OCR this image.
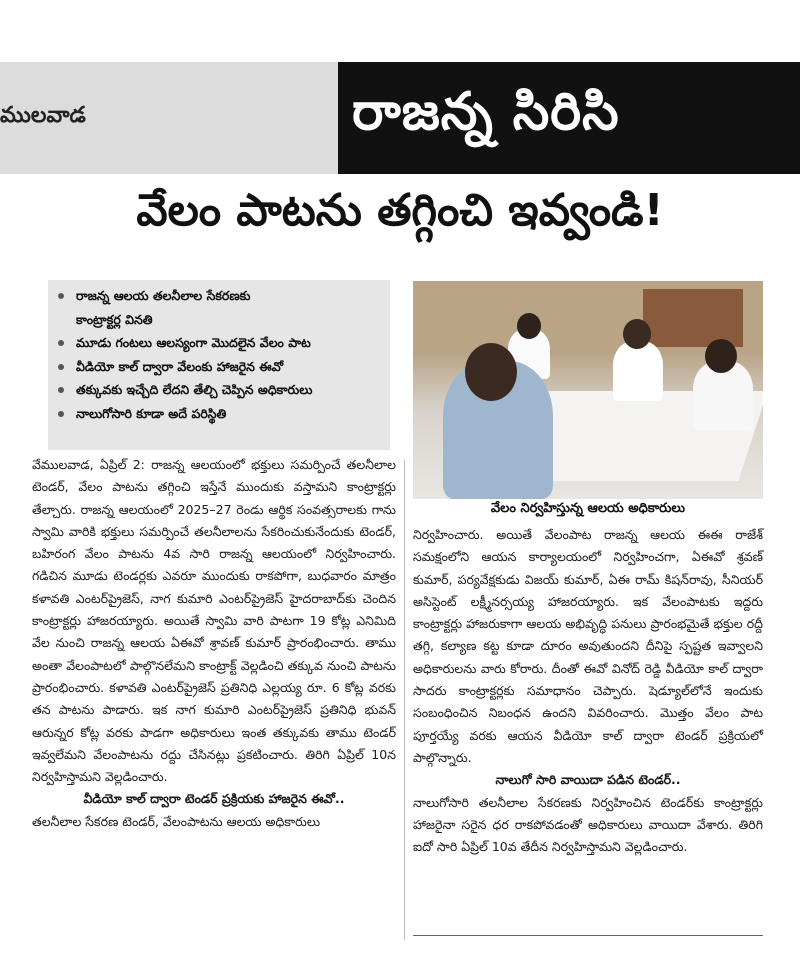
ములవాడ	రాజన్న సిరిసి
వేలం పాటను తగ్గించి ఇవ్వండి!
రాజన్న ఆలయ తలనీలాల సేకరణకు
కాంట్రాక్టర్ల వినతి
మూడు గంటలు ఆలస్యంగా మొదలైన వేలం పాట
వీడియో కాల్ ద్వారా వేలంకు హాజరైన ఈవో
తక్కువకు ఇచ్చేది లేదని తేల్చి చెప్పిన అధికారులు
నాలుగోసారి కూడా అదే పరిస్థితి
వేలం నిర్వహిస్తున్న ఆలయ అధికారులు

వేములవాడ, ఏప్రిల్ 2: రాజన్న ఆలయంలో భక్తులు సమర్పించే తలనీలాల టెండర్, వేలం పాటను తగ్గించి ఇస్తేనే ముందుకు వస్తామని కాంట్రాక్టర్లు తేల్చారు. రాజన్న ఆలయంలో 2025–27 రెండు ఆర్థిక సంవత్సరాలకు గాను స్వామి వారికి భక్తులు సమర్పించే తలనీలాలను సేకరించుకునేందుకు టెండర్, బహిరంగ వేలం పాటను 4వ సారి రాజన్న ఆలయంలో నిర్వహించారు. గడిచిన మూడు టెండర్లకు ఎవరూ ముందుకు రాకపోగా, బుధవారం మాత్రం కళావతి ఎంటర్‌ప్రైజెస్, నాగ కుమారి ఎంటర్‌ప్రైజెస్ హైదరాబాద్‌కు చెందిన కాంట్రాక్టర్లు హాజరయ్యారు. అయితే స్వామి వారి పాటగా 19 కోట్ల ఎనిమిది వేల నుంచి రాజన్న ఆలయ ఏఈవో శ్రావణ్ కుమార్ ప్రారంభించారు. తాము అంతా వేలంపాటలో పాల్గొనలేమని కాంట్రాక్ట్ వెల్లడించి తక్కువ నుంచి పాటను ప్రారంభించారు. కళావతి ఎంటర్‌ప్రైజెస్ ప్రతినిధి ఎల్లయ్య రూ. 6 కోట్ల వరకు తన పాటను పాడారు. ఇక నాగ కుమారి ఎంటర్‌ప్రైజెస్ ప్రతినిధి భువన్ ఆరున్నర కోట్ల వరకు పాడగా అధికారులు ఇంత తక్కువకు తాము టెండర్ ఇవ్వలేమని వేలంపాటను రద్దు చేసినట్లు ప్రకటించారు. తిరిగి ఏప్రిల్ 10న నిర్వహిస్తామని వెల్లడించారు.

వీడియో కాల్ ద్వారా టెండర్ ప్రక్రియకు హాజరైన ఈవో..

తలనీలాల సేకరణ టెండర్, వేలంపాటను ఆలయ అధికారులు

నిర్వహించారు. అయితే వేలంపాట రాజన్న ఆలయ ఈఈ రాజేశ్ సమక్షంలోని ఆయన కార్యాలయంలో నిర్వహించగా, ఏఈవో శ్రవణ్ కుమార్, పర్యవేక్షకుడు విజయ్ కుమార్, ఏఈ రామ్ కిషన్‌రావు, సీనియర్ అసిస్టెంట్ లక్ష్మీనర్సయ్య హాజరయ్యారు. ఇక వేలంపాటకు ఇద్దరు కాంట్రాక్టర్లు హాజరుకాగా ఆలయ అభివృద్ధి పనులు ప్రారంభమైతే భక్తుల రద్దీ తగ్గి, కల్యాణ కట్ట కూడా దూరం అవుతుందని దీనిపై స్పష్టత ఇవ్వాలని అధికారులను వారు కోరారు. దీంతో ఈవో వినోద్ రెడ్డి వీడియో కాల్ ద్వారా సాదరు కాంట్రాక్టర్లకు సమాధానం చెప్పారు. షెడ్యూల్‌లోనే ఇందుకు సంబంధించిన నిబంధన ఉందని వివరించారు. మొత్తం వేలం పాట పూర్తయ్యే వరకు ఆయన వీడియో కాల్ ద్వారా టెండర్ ప్రక్రియలో పాల్గొన్నారు.

నాలుగో సారి వాయిదా పడిన టెండర్..

నాలుగోసారి తలనీలాల సేకరణకు నిర్వహించిన టెండర్‌కు కాంట్రాక్టర్లు హాజరైనా సరైన ధర రాకపోవడంతో అధికారులు వాయిదా వేశారు. తిరిగి ఐదో సారి ఏప్రిల్ 10వ తేదీన నిర్వహిస్తామని వెల్లడించారు.
